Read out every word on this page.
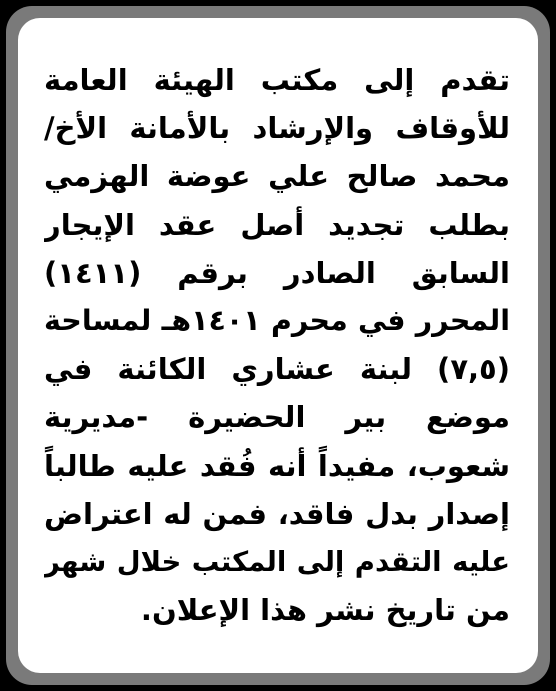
تقدم إلى مكتب الهيئة العامة
للأوقاف والإرشاد بالأمانة الأخ/
محمد صالح علي عوضة الهزمي
بطلب تجديد أصل عقد الإيجار
السابق الصادر برقم (١٤١١)
المحرر في محرم ١٤٠١هـ لمساحة
(٧,٥) لبنة عشاري الكائنة في
موضع بير الحضيرة -مديرية
شعوب، مفيداً أنه فُقد عليه طالباً
إصدار بدل فاقد، فمن له اعتراض
عليه التقدم إلى المكتب خلال شهر
من تاريخ نشر هذا الإعلان.
